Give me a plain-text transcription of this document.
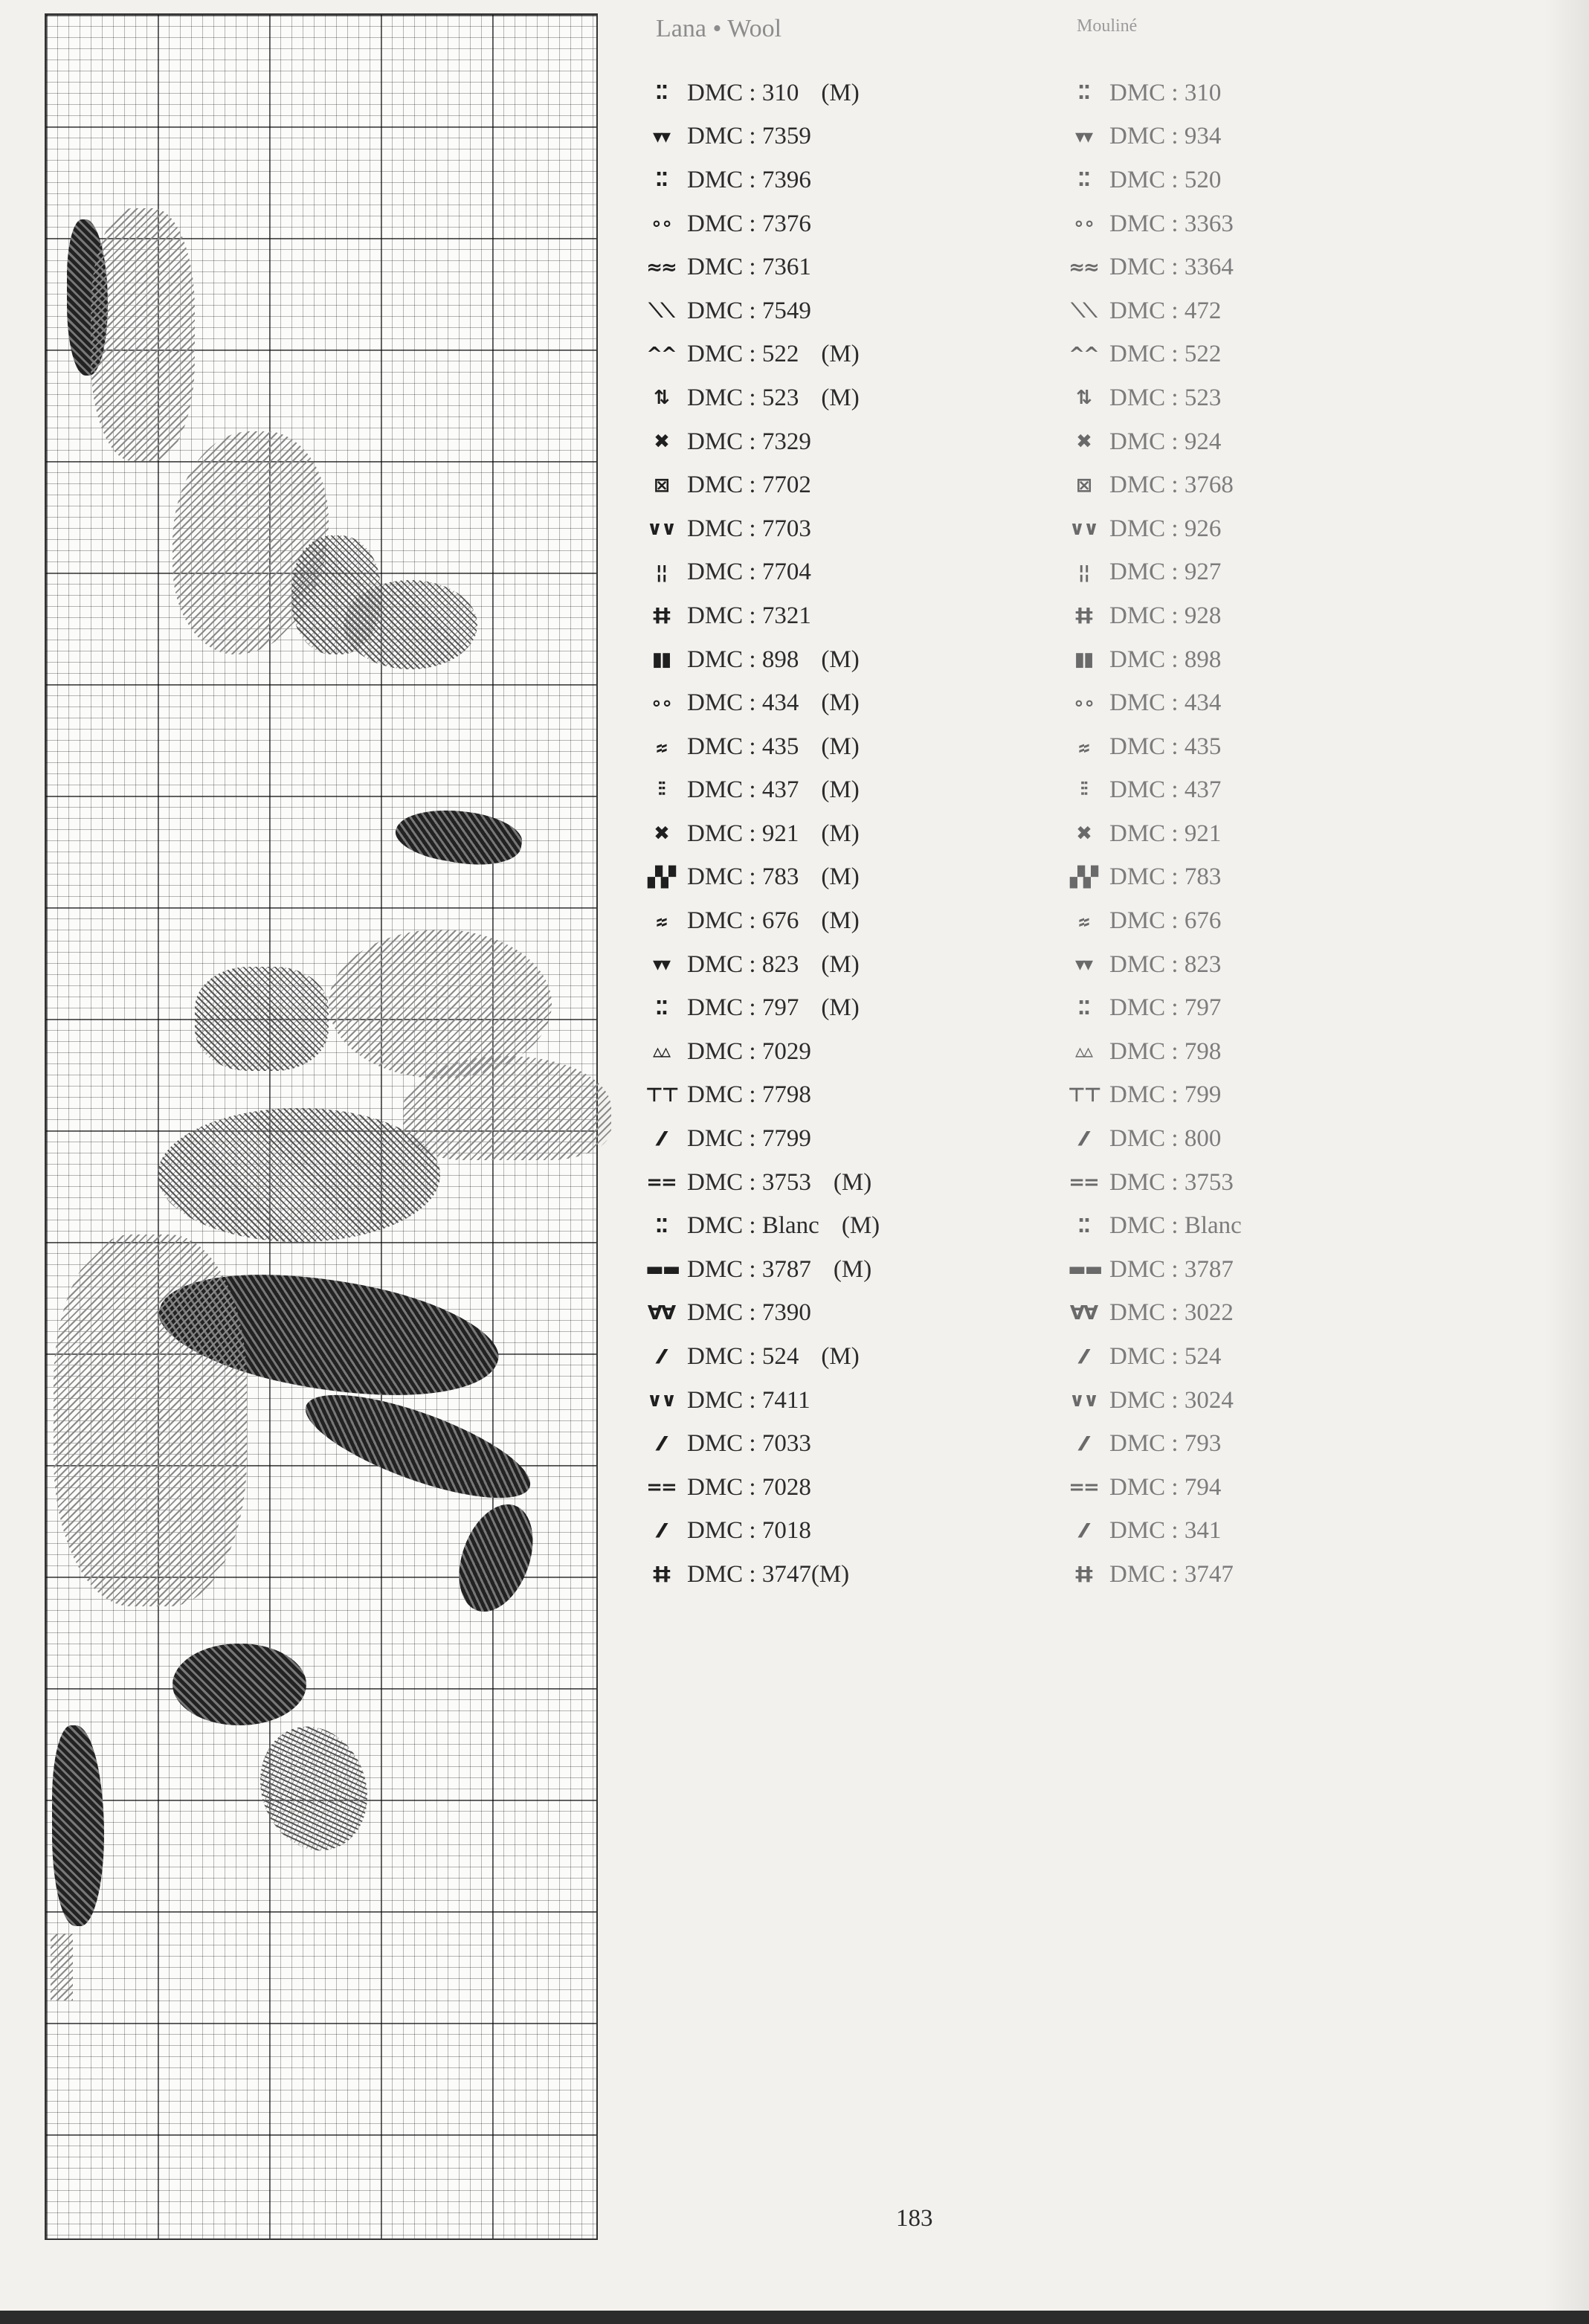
Lana • Wool	Mouliné
⁚⁚ DMC : 310 (M)
▾▾ DMC : 7359
⁚⁚ DMC : 7396
∘∘ DMC : 7376
≈≈ DMC : 7361
⟍⟍ DMC : 7549
^^ DMC : 522 (M)
⇅ DMC : 523 (M)
✖ DMC : 7329
⊠ DMC : 7702
∨∨ DMC : 7703
¦¦ DMC : 7704
‡‡ DMC : 7321
▮▮ DMC : 898 (M)
∘∘ DMC : 434 (M)
⸗⸗ DMC : 435 (M)
⫶⫶ DMC : 437 (M)
✖ DMC : 921 (M)
▞▞ DMC : 783 (M)
⸗⸗ DMC : 676 (M)
▾▾ DMC : 823 (M)
⁚⁚ DMC : 797 (M)
▵▵ DMC : 7029
⊤⊤ DMC : 7798
⁄⁄ DMC : 7799
== DMC : 3753 (M)
⁚⁚ DMC : Blanc (M)
▬▬ DMC : 3787 (M)
∀∀ DMC : 7390
⁄⁄ DMC : 524 (M)
∨∨ DMC : 7411
⁄⁄ DMC : 7033
== DMC : 7028
⁄⁄ DMC : 7018
‡‡ DMC : 3747(M)
⁚⁚ DMC : 310
▾▾ DMC : 934
⁚⁚ DMC : 520
∘∘ DMC : 3363
≈≈ DMC : 3364
⟍⟍ DMC : 472
^^ DMC : 522
⇅ DMC : 523
✖ DMC : 924
⊠ DMC : 3768
∨∨ DMC : 926
¦¦ DMC : 927
‡‡ DMC : 928
▮▮ DMC : 898
∘∘ DMC : 434
⸗⸗ DMC : 435
⫶⫶ DMC : 437
✖ DMC : 921
▞▞ DMC : 783
⸗⸗ DMC : 676
▾▾ DMC : 823
⁚⁚ DMC : 797
▵▵ DMC : 798
⊤⊤ DMC : 799
⁄⁄ DMC : 800
== DMC : 3753
⁚⁚ DMC : Blanc
▬▬ DMC : 3787
∀∀ DMC : 3022
⁄⁄ DMC : 524
∨∨ DMC : 3024
⁄⁄ DMC : 793
== DMC : 794
⁄⁄ DMC : 341
‡‡ DMC : 3747
183
